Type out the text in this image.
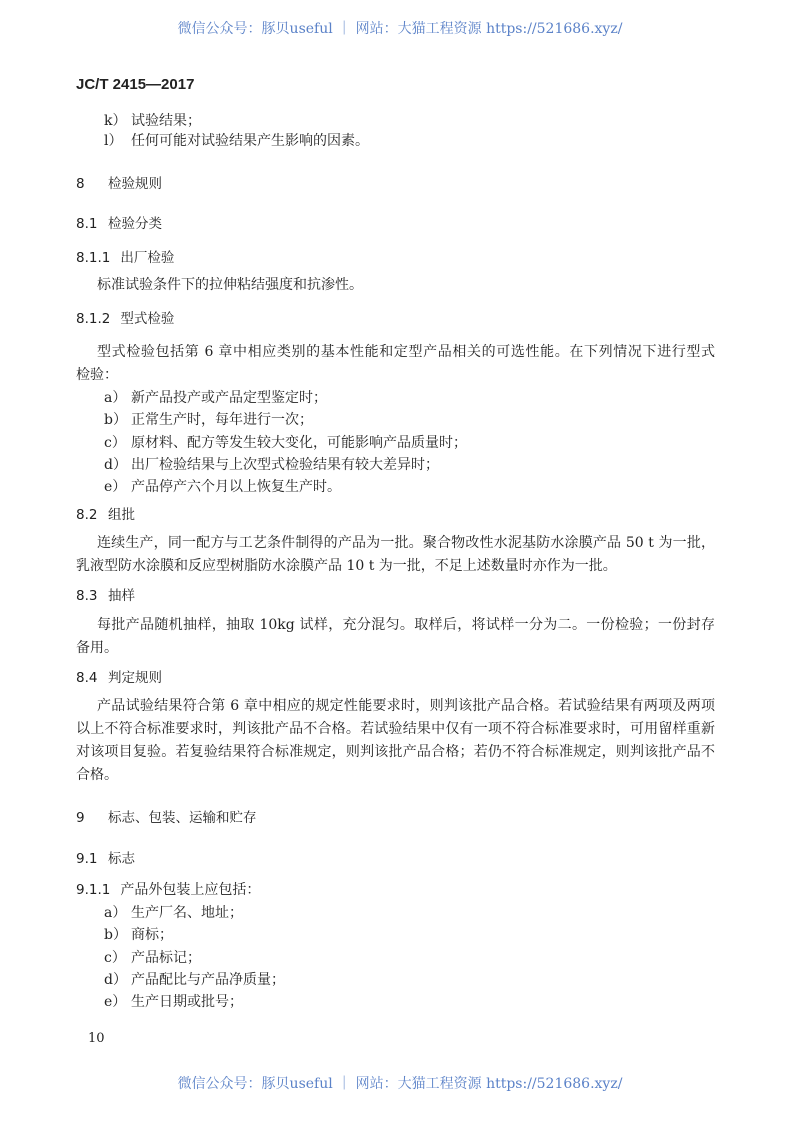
微信公众号：豚贝useful ｜ 网站：大猫工程资源 https://521686.xyz/
JC/T 2415—2017
k） 试验结果；
l） 任何可能对试验结果产生影响的因素。
8 检验规则
8.1 检验分类
8.1.1 出厂检验
标准试验条件下的拉伸粘结强度和抗渗性。
8.1.2 型式检验
型式检验包括第 6 章中相应类别的基本性能和定型产品相关的可选性能。在下列情况下进行型式
检验：
a） 新产品投产或产品定型鉴定时；
b） 正常生产时，每年进行一次；
c） 原材料、配方等发生较大变化，可能影响产品质量时；
d） 出厂检验结果与上次型式检验结果有较大差异时；
e） 产品停产六个月以上恢复生产时。
8.2 组批
连续生产，同一配方与工艺条件制得的产品为一批。聚合物改性水泥基防水涂膜产品 50 t 为一批，
乳液型防水涂膜和反应型树脂防水涂膜产品 10 t 为一批，不足上述数量时亦作为一批。
8.3 抽样
每批产品随机抽样，抽取 10kg 试样，充分混匀。取样后，将试样一分为二。一份检验；一份封存
备用。
8.4 判定规则
产品试验结果符合第 6 章中相应的规定性能要求时，则判该批产品合格。若试验结果有两项及两项
以上不符合标准要求时，判该批产品不合格。若试验结果中仅有一项不符合标准要求时，可用留样重新
对该项目复验。若复验结果符合标准规定，则判该批产品合格；若仍不符合标准规定，则判该批产品不
合格。
9 标志、包装、运输和贮存
9.1 标志
9.1.1 产品外包装上应包括：
a） 生产厂名、地址；
b） 商标；
c） 产品标记；
d） 产品配比与产品净质量；
e） 生产日期或批号；
10
微信公众号：豚贝useful ｜ 网站：大猫工程资源 https://521686.xyz/
